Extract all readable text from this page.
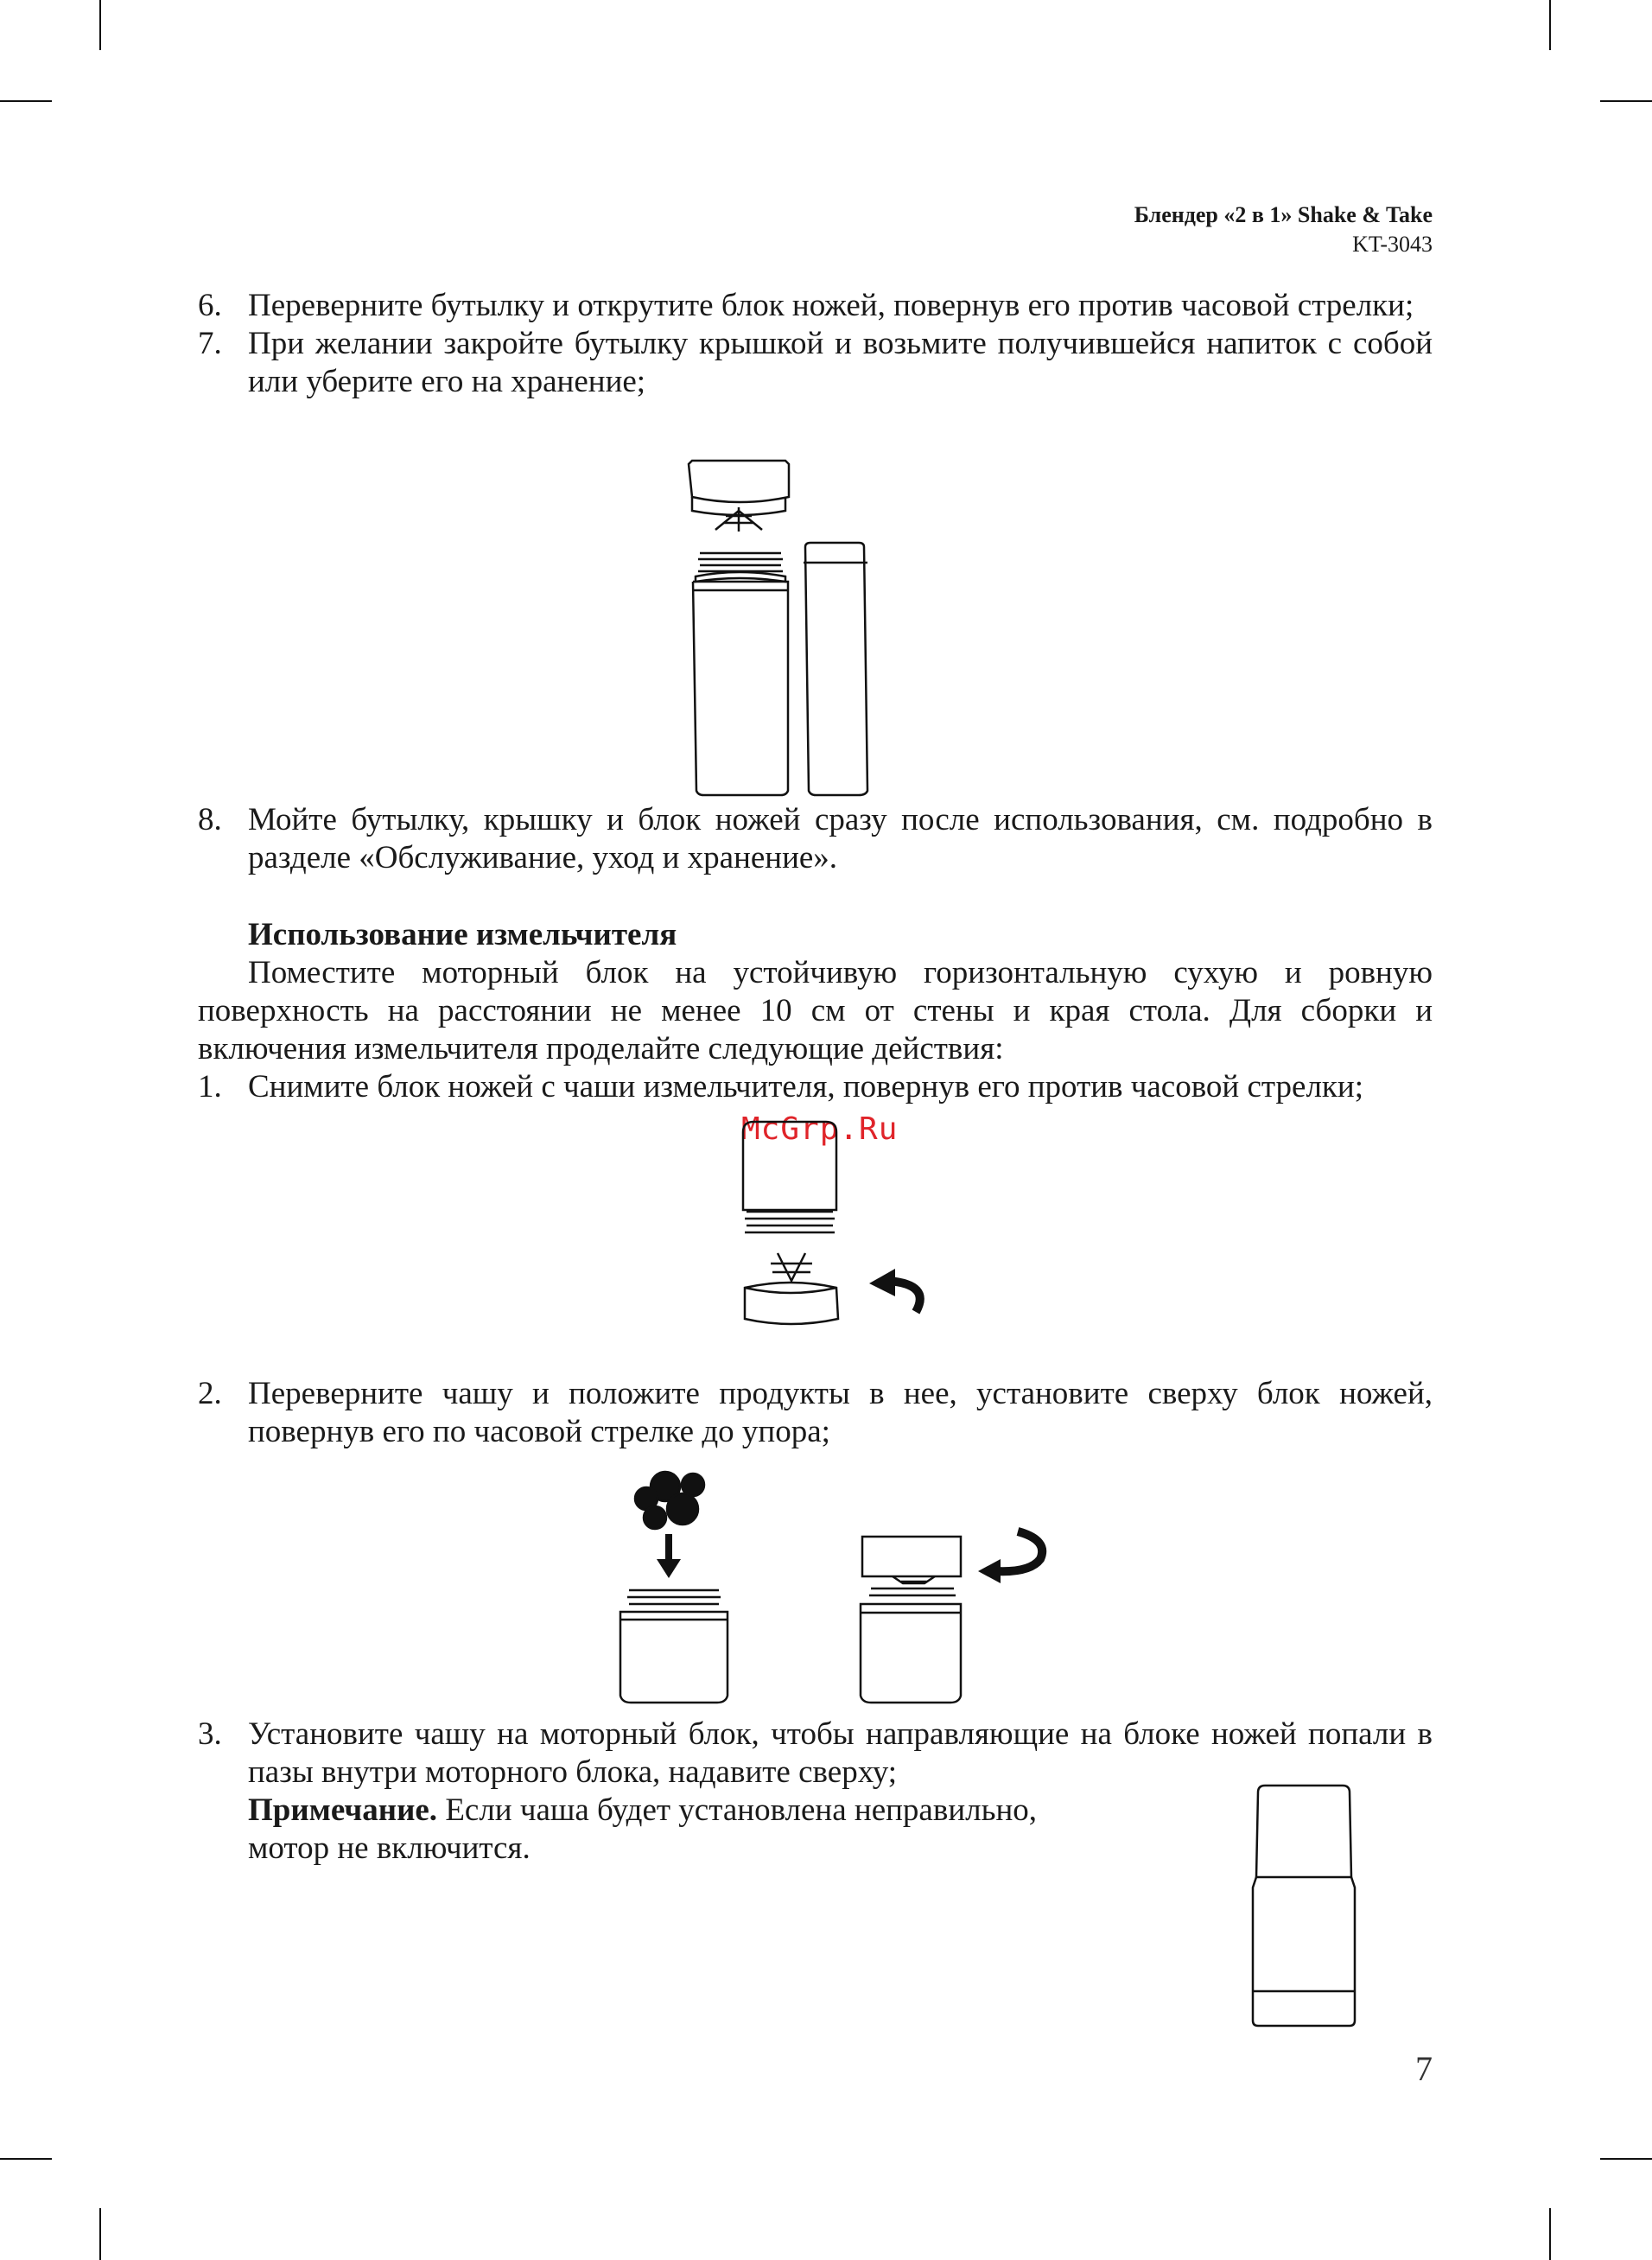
Блендер «2 в 1» Shake & Take
KT-3043
6. Переверните бутылку и открутите блок ножей, повернув его против часовой стрелки;
7. При желании закройте бутылку крышкой и возьмите получившейся напиток с собой или уберите его на хранение;
8. Мойте бутылку, крышку и блок ножей сразу после использования, см. подробно в разделе «Обслуживание, уход и хранение».
Использование измельчителя
Поместите моторный блок на устойчивую горизонтальную сухую и ровную поверхность на расстоянии не менее 10 см от стены и края стола. Для сборки и включения измельчителя проделайте следующие действия:
1. Снимите блок ножей с чаши измельчителя, повернув его против часовой стрелки;
McGrp.Ru
2. Переверните чашу и положите продукты в нее, установите сверху блок ножей, повернув его по часовой стрелке до упора;
3. Установите чашу на моторный блок, чтобы направляющие на блоке ножей попали в пазы внутри моторного блока, надавите сверху;
Примечание. Если чаша будет установлена неправильно, мотор не включится.
7
